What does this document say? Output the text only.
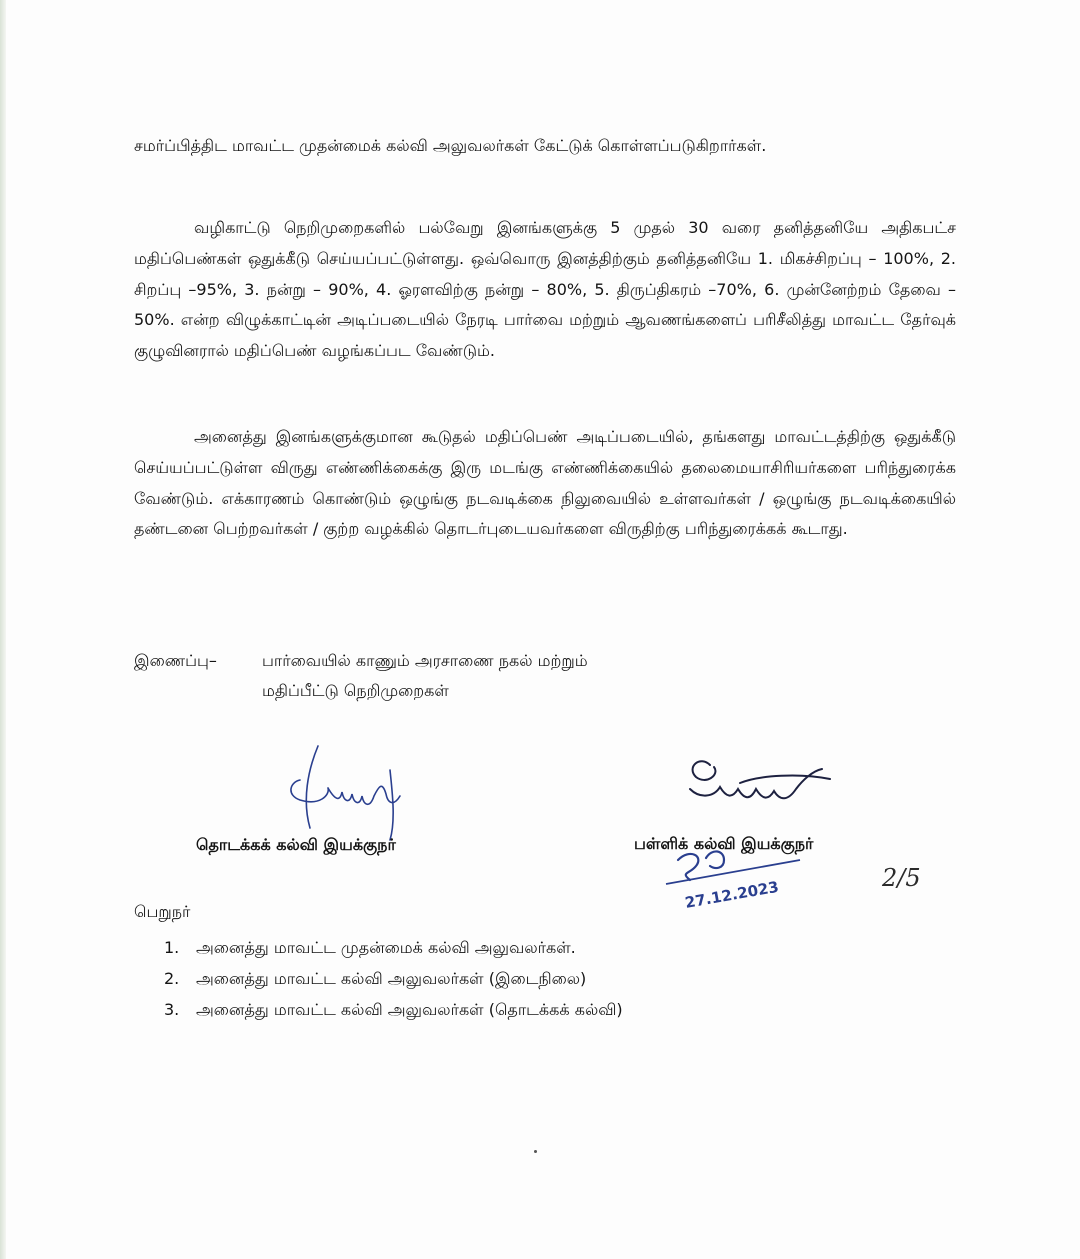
சமர்ப்பித்திட மாவட்ட முதன்மைக் கல்வி அலுவலர்கள் கேட்டுக் கொள்ளப்படுகிறார்கள்.

வழிகாட்டு நெறிமுறைகளில் பல்வேறு இனங்களுக்கு 5 முதல் 30 வரை தனித்தனியே அதிகபட்ச மதிப்பெண்கள் ஒதுக்கீடு செய்யப்பட்டுள்ளது. ஒவ்வொரு இனத்திற்கும் தனித்தனியே 1. மிகச்சிறப்பு – 100%, 2. சிறப்பு –95%, 3. நன்று – 90%, 4. ஓரளவிற்கு நன்று – 80%, 5. திருப்திகரம் –70%, 6. முன்னேற்றம் தேவை –50%. என்ற விழுக்காட்டின் அடிப்படையில் நேரடி பார்வை மற்றும் ஆவணங்களைப் பரிசீலித்து மாவட்ட தேர்வுக் குழுவினரால் மதிப்பெண் வழங்கப்பட வேண்டும்.

அனைத்து இனங்களுக்குமான கூடுதல் மதிப்பெண் அடிப்படையில், தங்களது மாவட்டத்திற்கு ஒதுக்கீடு செய்யப்பட்டுள்ள விருது எண்ணிக்கைக்கு இரு மடங்கு எண்ணிக்கையில் தலைமையாசிரியர்களை பரிந்துரைக்க வேண்டும். எக்காரணம் கொண்டும் ஒழுங்கு நடவடிக்கை நிலுவையில் உள்ளவர்கள் / ஒழுங்கு நடவடிக்கையில் தண்டனை பெற்றவர்கள் / குற்ற வழக்கில் தொடர்புடையவர்களை விருதிற்கு பரிந்துரைக்கக் கூடாது.

இணைப்பு–	பார்வையில் காணும் அரசாணை நகல் மற்றும்
மதிப்பீட்டு நெறிமுறைகள்
தொடக்கக் கல்வி இயக்குநர்	பள்ளிக் கல்வி இயக்குநர்
27.12.2023	2/5
பெறுநர்
1. அனைத்து மாவட்ட முதன்மைக் கல்வி அலுவலர்கள்.
2. அனைத்து மாவட்ட கல்வி அலுவலர்கள் (இடைநிலை)
3. அனைத்து மாவட்ட கல்வி அலுவலர்கள் (தொடக்கக் கல்வி)
